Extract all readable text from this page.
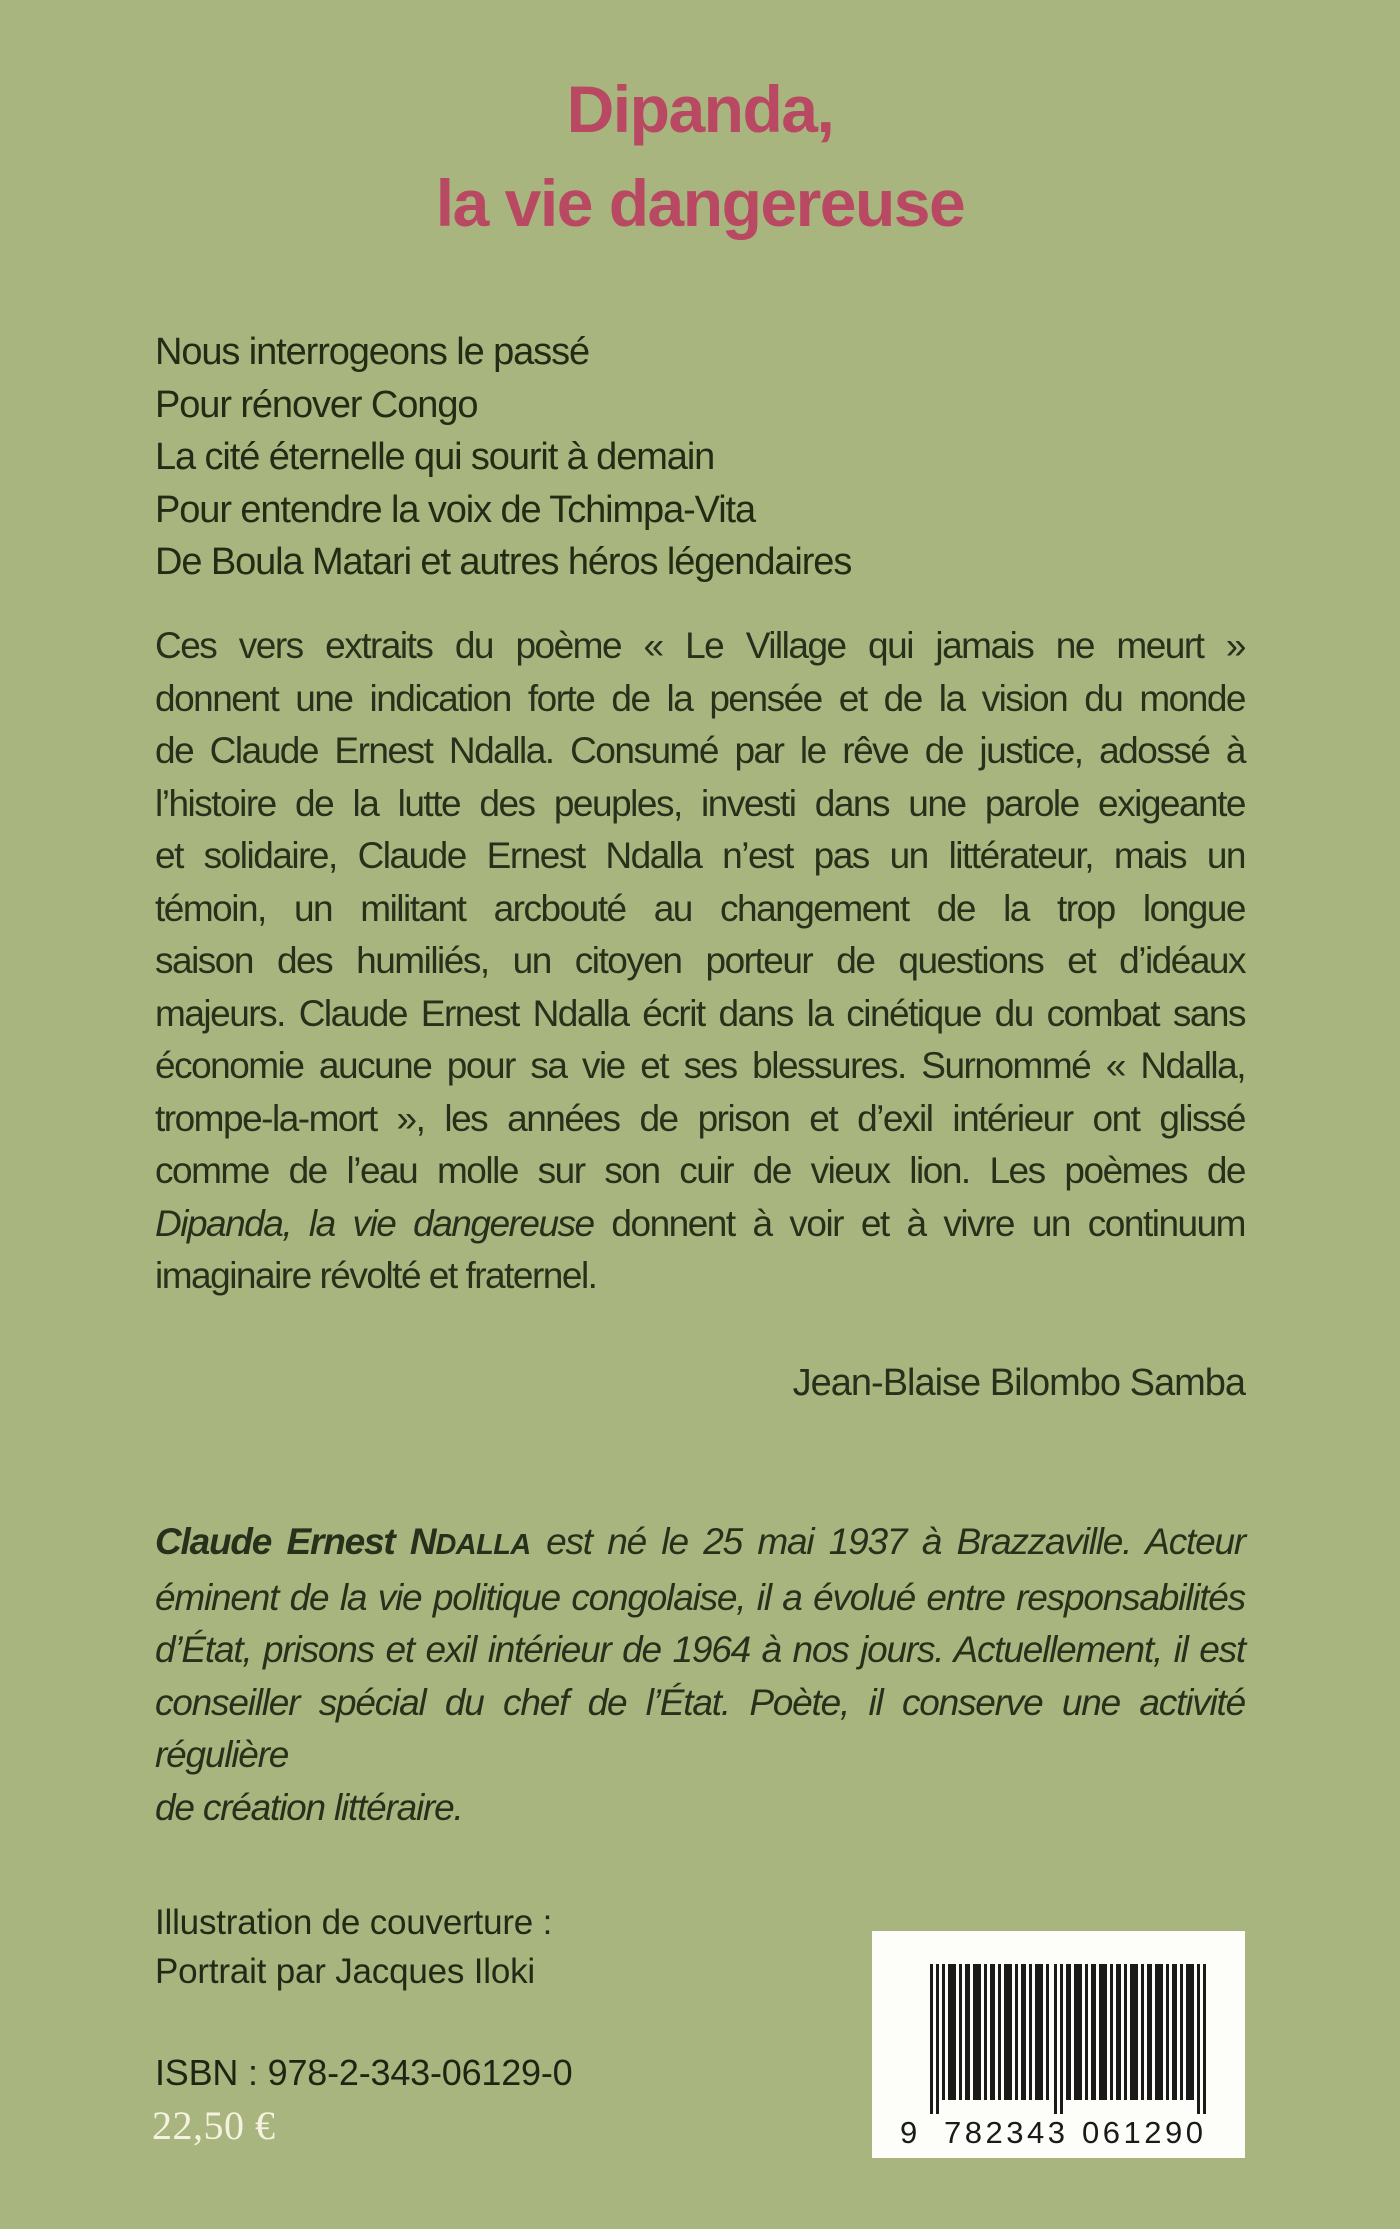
Dipanda,
la vie dangereuse
Nous interrogeons le passé
Pour rénover Congo
La cité éternelle qui sourit à demain
Pour entendre la voix de Tchimpa-Vita
De Boula Matari et autres héros légendaires
Ces vers extraits du poème « Le Village qui jamais ne meurt »
donnent une indication forte de la pensée et de la vision du monde
de Claude Ernest Ndalla. Consumé par le rêve de justice, adossé à
l’histoire de la lutte des peuples, investi dans une parole exigeante
et solidaire, Claude Ernest Ndalla n’est pas un littérateur, mais un
témoin, un militant arcbouté au changement de la trop longue
saison des humiliés, un citoyen porteur de questions et d’idéaux
majeurs. Claude Ernest Ndalla écrit dans la cinétique du combat sans
économie aucune pour sa vie et ses blessures. Surnommé « Ndalla,
trompe-la-mort », les années de prison et d’exil intérieur ont glissé
comme de l’eau molle sur son cuir de vieux lion. Les poèmes de
Dipanda, la vie dangereuse donnent à voir et à vivre un continuum
imaginaire révolté et fraternel.
Jean-Blaise Bilombo Samba
Claude Ernest NDALLA est né le 25 mai 1937 à Brazzaville. Acteur
éminent de la vie politique congolaise, il a évolué entre responsabilités
d’État, prisons et exil intérieur de 1964 à nos jours. Actuellement, il est
conseiller spécial du chef de l’État. Poète, il conserve une activité régulière
de création littéraire.
Illustration de couverture :
Portrait par Jacques Iloki
ISBN : 978-2-343-06129-0
22,50 €	9 782343 061290
